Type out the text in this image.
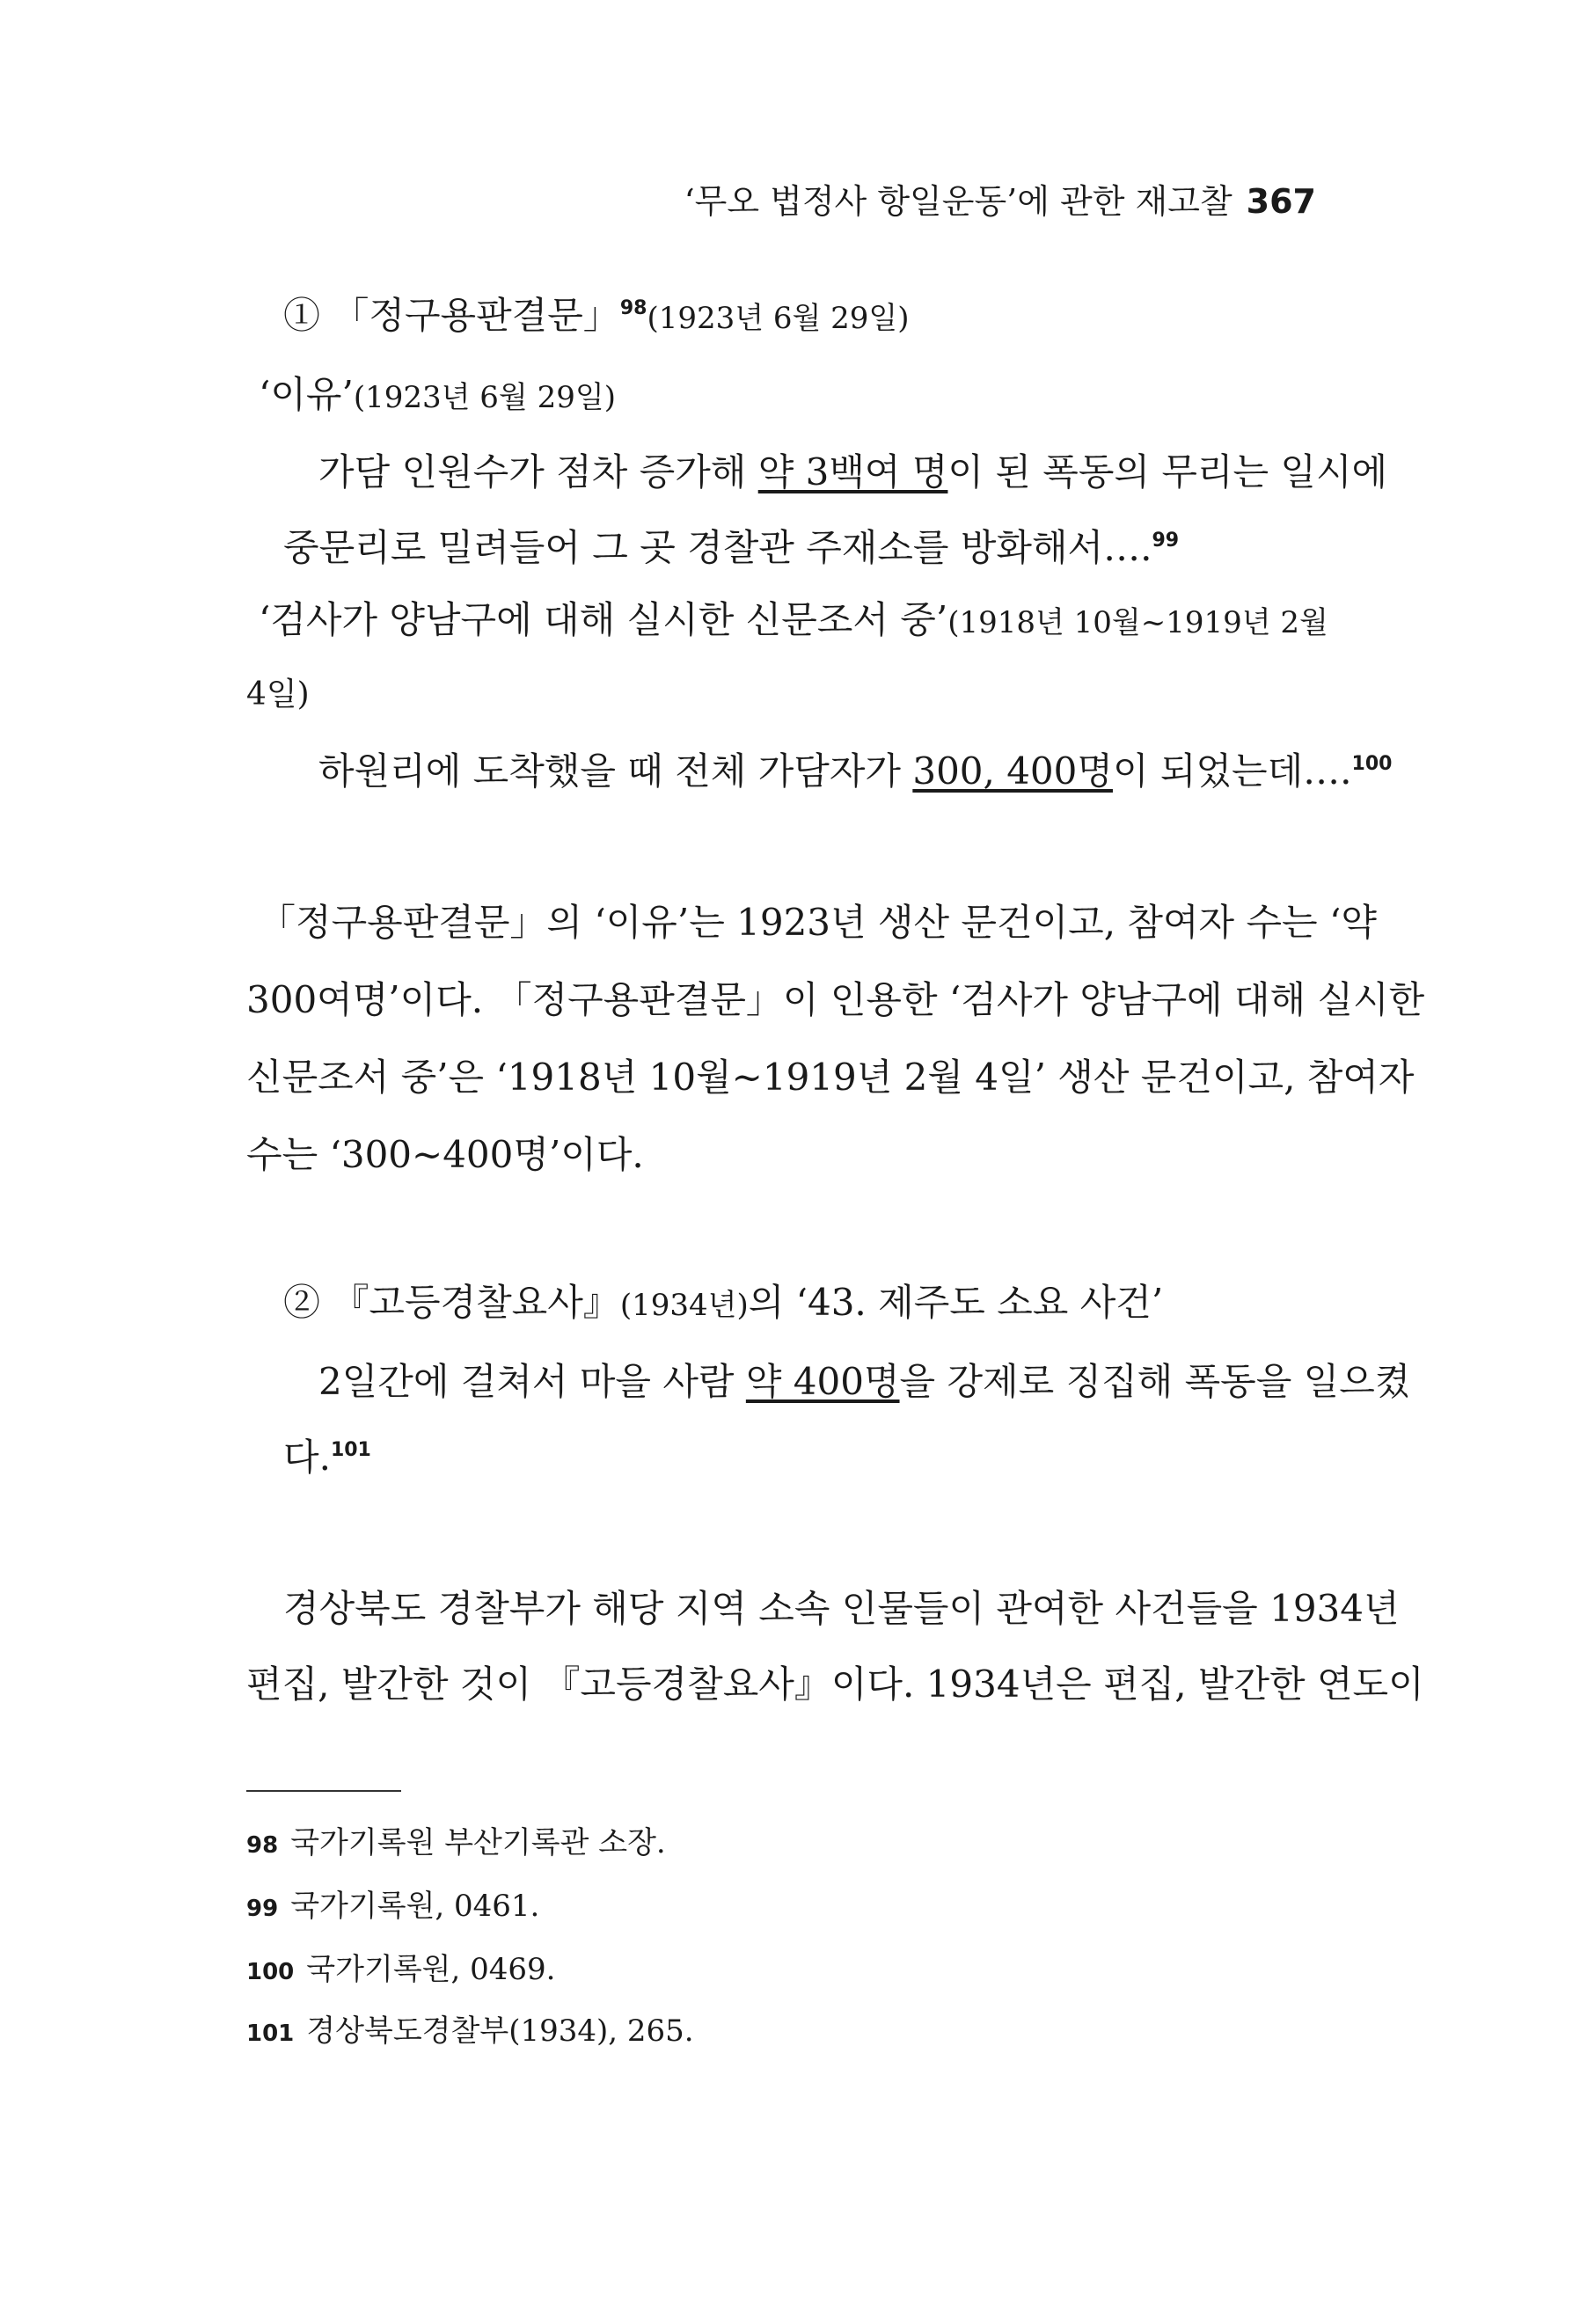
‘무오 법정사 항일운동’에 관한 재고찰 367
① 「정구용판결문」$^{98}$(1923년 6월 29일)
‘이유’(1923년 6월 29일)
가담 인원수가 점차 증가해 약 3백여 명이 된 폭동의 무리는 일시에
중문리로 밀려들어 그 곳 경찰관 주재소를 방화해서….$^{99}$
‘검사가 양남구에 대해 실시한 신문조서 중’(1918년 10월~1919년 2월
4일)
하원리에 도착했을 때 전체 가담자가 300, 400명이 되었는데….$^{100}$
「정구용판결문」의 ‘이유’는 1923년 생산 문건이고, 참여자 수는 ‘약
300여명’이다. 「정구용판결문」이 인용한 ‘검사가 양남구에 대해 실시한
신문조서 중’은 ‘1918년 10월~1919년 2월 4일’ 생산 문건이고, 참여자
수는 ‘300~400명’이다.
② 『고등경찰요사』(1934년)의 ‘43. 제주도 소요 사건’
2일간에 걸쳐서 마을 사람 약 400명을 강제로 징집해 폭동을 일으켰
다.$^{101}$
경상북도 경찰부가 해당 지역 소속 인물들이 관여한 사건들을 1934년
편집, 발간한 것이 『고등경찰요사』이다. 1934년은 편집, 발간한 연도이
98 국가기록원 부산기록관 소장.
99 국가기록원, 0461.
100 국가기록원, 0469.
101 경상북도경찰부(1934), 265.
